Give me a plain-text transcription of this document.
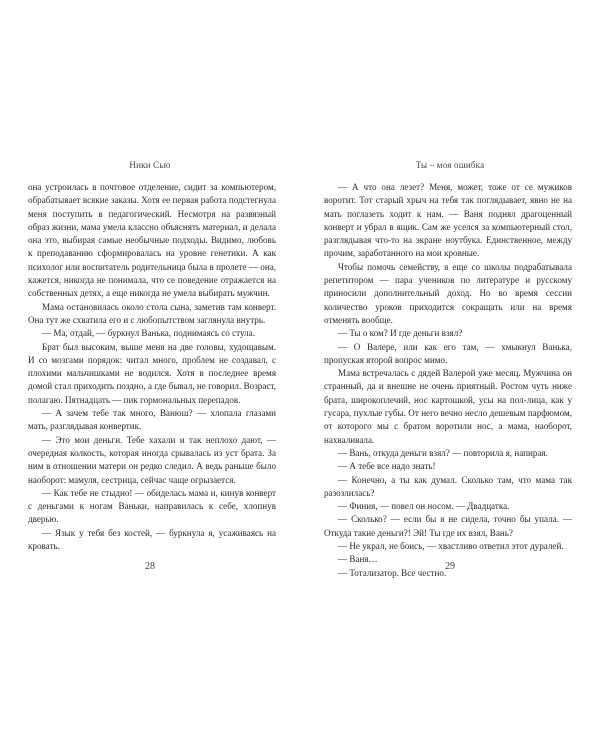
Ники Сью

она устроилась в почтовое отделение, сидит за компьютером, обрабатывает всякие заказы. Хотя ее первая работа подстегнула меня поступить в педагогический. Несмотря на развязный образ жизни, мама умела классно объяснять материал, и делала она это, выбирая самые необычные подходы. Видимо, любовь к преподаванию сформировалась на уровне генетики. А как психолог или воспитатель родительница была в пролете — она, кажется, никогда не понимала, что се поведение отражается на собственных детях, а еще никогда не умела выбирать мужчин.

Мама остановилась около стола сына, заметив там конверт. Она тут же схватила его и с любопытством заглянула внутрь.

— Ма, отдай, — буркнул Ванька, поднимаясь со стула.

Брат был высоким, выше меня на две головы, худощавым. И со мозгами порядок: читал много, проблем не создавал, с плохими мальчишками не водился. Хотя в последнее время домой стал приходить поздно, а где бывал, не говорил. Возраст, полагаю. Пятнадцать — пик гормональных перепадов.

— А зачем тебе так много, Ванюш? — хлопала глазами мать, разглядывая конвертик.

— Это мои деньги. Тебе хахали и так неплохо дают, — очередная колкость, которая иногда срывалась из уст брата. За ним в отношении матери он редко следил. А ведь раньше было наоборот: мамуля, сестрица, сейчас чаще огрызается.

— Как тебе не стыдно! — обиделась мама и, кинув конверт с деньгами к ногам Ваньки, направилась к себе, хлопнув дверью.

— Язык у тебя без костей, — буркнула я, усаживаясь на кровать.

28
Ты – моя ошибка

— А что она лезет? Меня, может, тоже от се мужиков воротит. Тот старый хрыч на тебя так поглядывает, явно не на мать поглазеть ходит к нам. — Ваня поднял драгоценный конверт и убрал в ящик. Сам же уселся за компьютерный стол, разглядывая что-то на экране ноутбука. Единственное, между прочим, заработанного на мои кровные.

Чтобы помочь семейству, я еще со школы подрабатывала репетитором — пара учеников по литературе и русскому приносили дополнительный доход. Но во время сессии количество уроков приходится сокращать или на время отменять вообще.

— Ты о ком? И где деньги взял?

— О Валере, или как его там, — хмыкнул Ванька, пропуская второй вопрос мимо.

Мама встречалась с дядей Валерой уже месяц. Мужчина он странный, да и внешне не очень приятный. Ростом чуть ниже брата, широкоплечий, нос картошкой, усы на пол-лица, как у гусара, пухлые губы. От него вечно несло дешевым парфюмом, от которого мы с братом воротили нос, а мама, наоборот, нахваливала.

— Вань, откуда деньги взял? — повторила я, напирая.

— А тебе все надо знать!

— Конечно, а ты как думал. Сколько там, что мама так разозлилась?

— Финия, — повел он носом. — Двадцатка.

— Сколько? — если бы я не сидела, точно бы упала. — Откуда такие деньги?! Эй! Ты где их взял, Вань?

— Не украл, не боись, — хвастливо ответил этот дуралей.

— Ваня…

— Тотализатор. Все честно.

29
